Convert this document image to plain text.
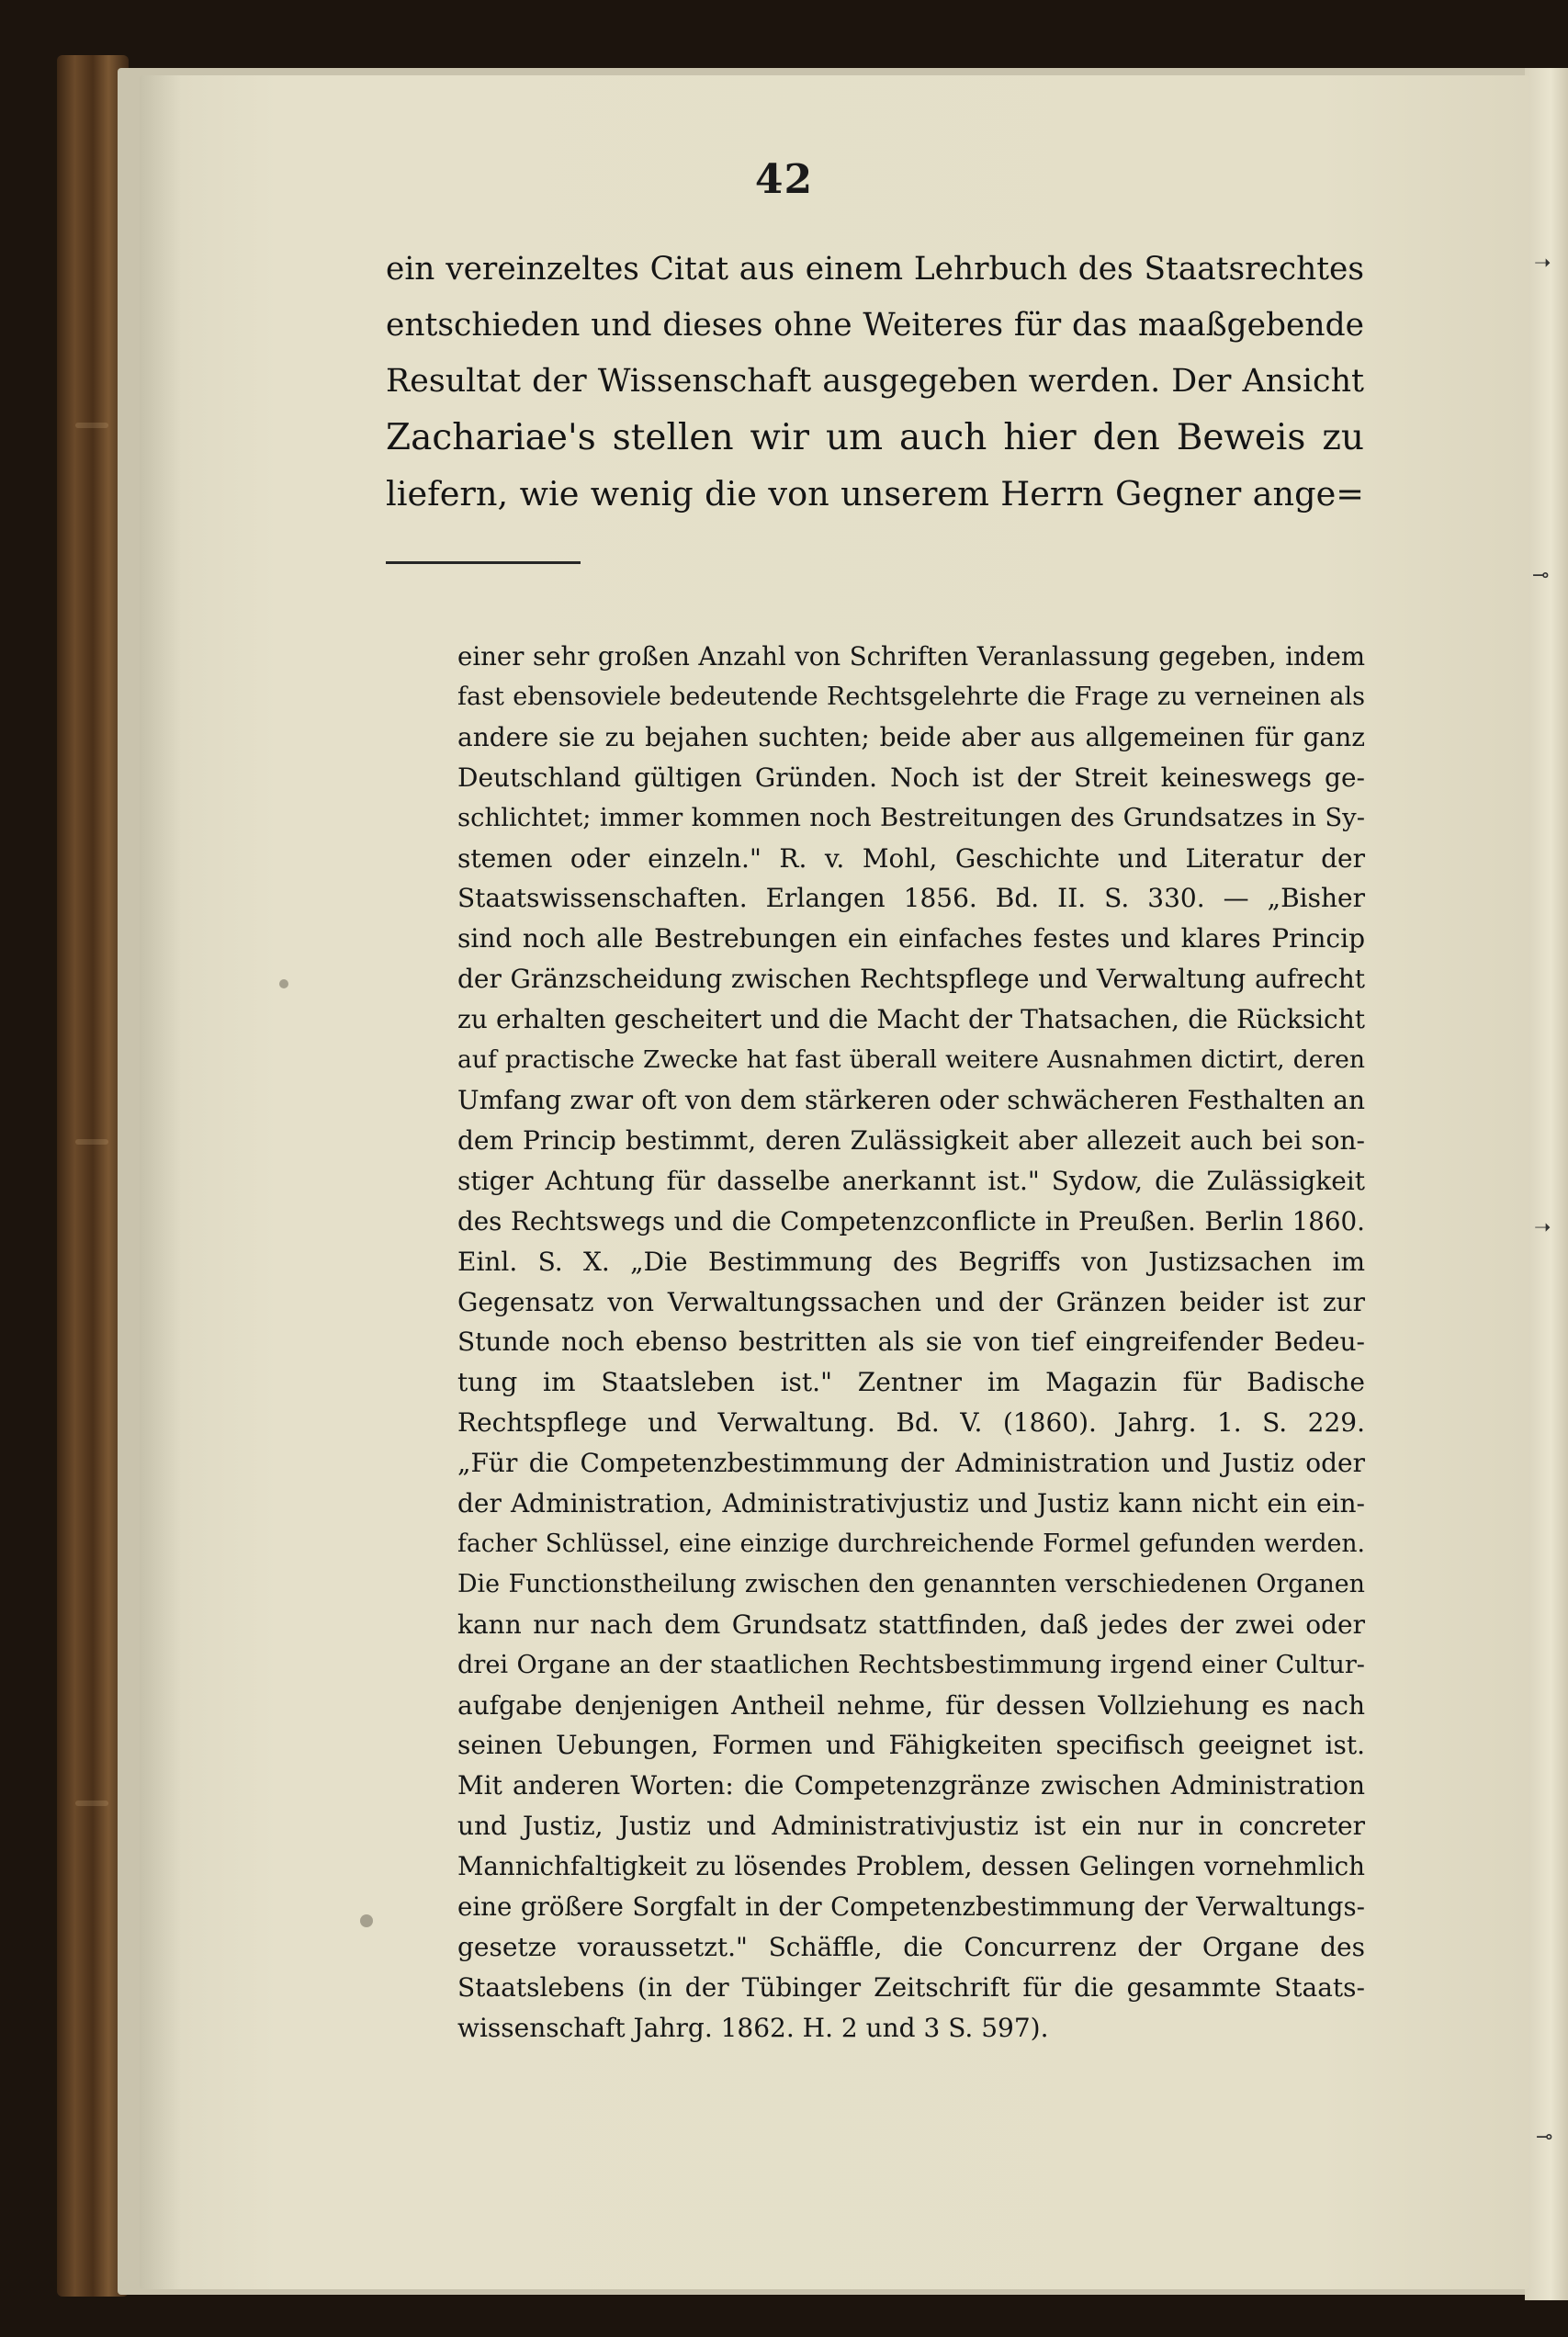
➝
⊸
➝
⊸
42
ein vereinzeltes Citat aus einem Lehrbuch des Staatsrechtes
entschieden und dieses ohne Weiteres für das maaßgebende
Resultat der Wissenschaft ausgegeben werden. Der Ansicht
Zachariae's stellen wir um auch hier den Beweis zu
liefern, wie wenig die von unserem Herrn Gegner ange=
einer sehr großen Anzahl von Schriften Veranlassung gegeben, indem
fast ebensoviele bedeutende Rechtsgelehrte die Frage zu verneinen als
andere sie zu bejahen suchten; beide aber aus allgemeinen für ganz
Deutschland gültigen Gründen. Noch ist der Streit keineswegs ge-
schlichtet; immer kommen noch Bestreitungen des Grundsatzes in Sy-
stemen oder einzeln." R. v. Mohl, Geschichte und Literatur der
Staatswissenschaften. Erlangen 1856. Bd. II. S. 330. — „Bisher
sind noch alle Bestrebungen ein einfaches festes und klares Princip
der Gränzscheidung zwischen Rechtspflege und Verwaltung aufrecht
zu erhalten gescheitert und die Macht der Thatsachen, die Rücksicht
auf practische Zwecke hat fast überall weitere Ausnahmen dictirt, deren
Umfang zwar oft von dem stärkeren oder schwächeren Festhalten an
dem Princip bestimmt, deren Zulässigkeit aber allezeit auch bei son-
stiger Achtung für dasselbe anerkannt ist." Sydow, die Zulässigkeit
des Rechtswegs und die Competenzconflicte in Preußen. Berlin 1860.
Einl. S. X. „Die Bestimmung des Begriffs von Justizsachen im
Gegensatz von Verwaltungssachen und der Gränzen beider ist zur
Stunde noch ebenso bestritten als sie von tief eingreifender Bedeu-
tung im Staatsleben ist." Zentner im Magazin für Badische
Rechtspflege und Verwaltung. Bd. V. (1860). Jahrg. 1. S. 229.
„Für die Competenzbestimmung der Administration und Justiz oder
der Administration, Administrativjustiz und Justiz kann nicht ein ein-
facher Schlüssel, eine einzige durchreichende Formel gefunden werden.
Die Functionstheilung zwischen den genannten verschiedenen Organen
kann nur nach dem Grundsatz stattfinden, daß jedes der zwei oder
drei Organe an der staatlichen Rechtsbestimmung irgend einer Cultur-
aufgabe denjenigen Antheil nehme, für dessen Vollziehung es nach
seinen Uebungen, Formen und Fähigkeiten specifisch geeignet ist.
Mit anderen Worten: die Competenzgränze zwischen Administration
und Justiz, Justiz und Administrativjustiz ist ein nur in concreter
Mannichfaltigkeit zu lösendes Problem, dessen Gelingen vornehmlich
eine größere Sorgfalt in der Competenzbestimmung der Verwaltungs-
gesetze voraussetzt." Schäffle, die Concurrenz der Organe des
Staatslebens (in der Tübinger Zeitschrift für die gesammte Staats-
wissenschaft Jahrg. 1862. H. 2 und 3 S. 597).
